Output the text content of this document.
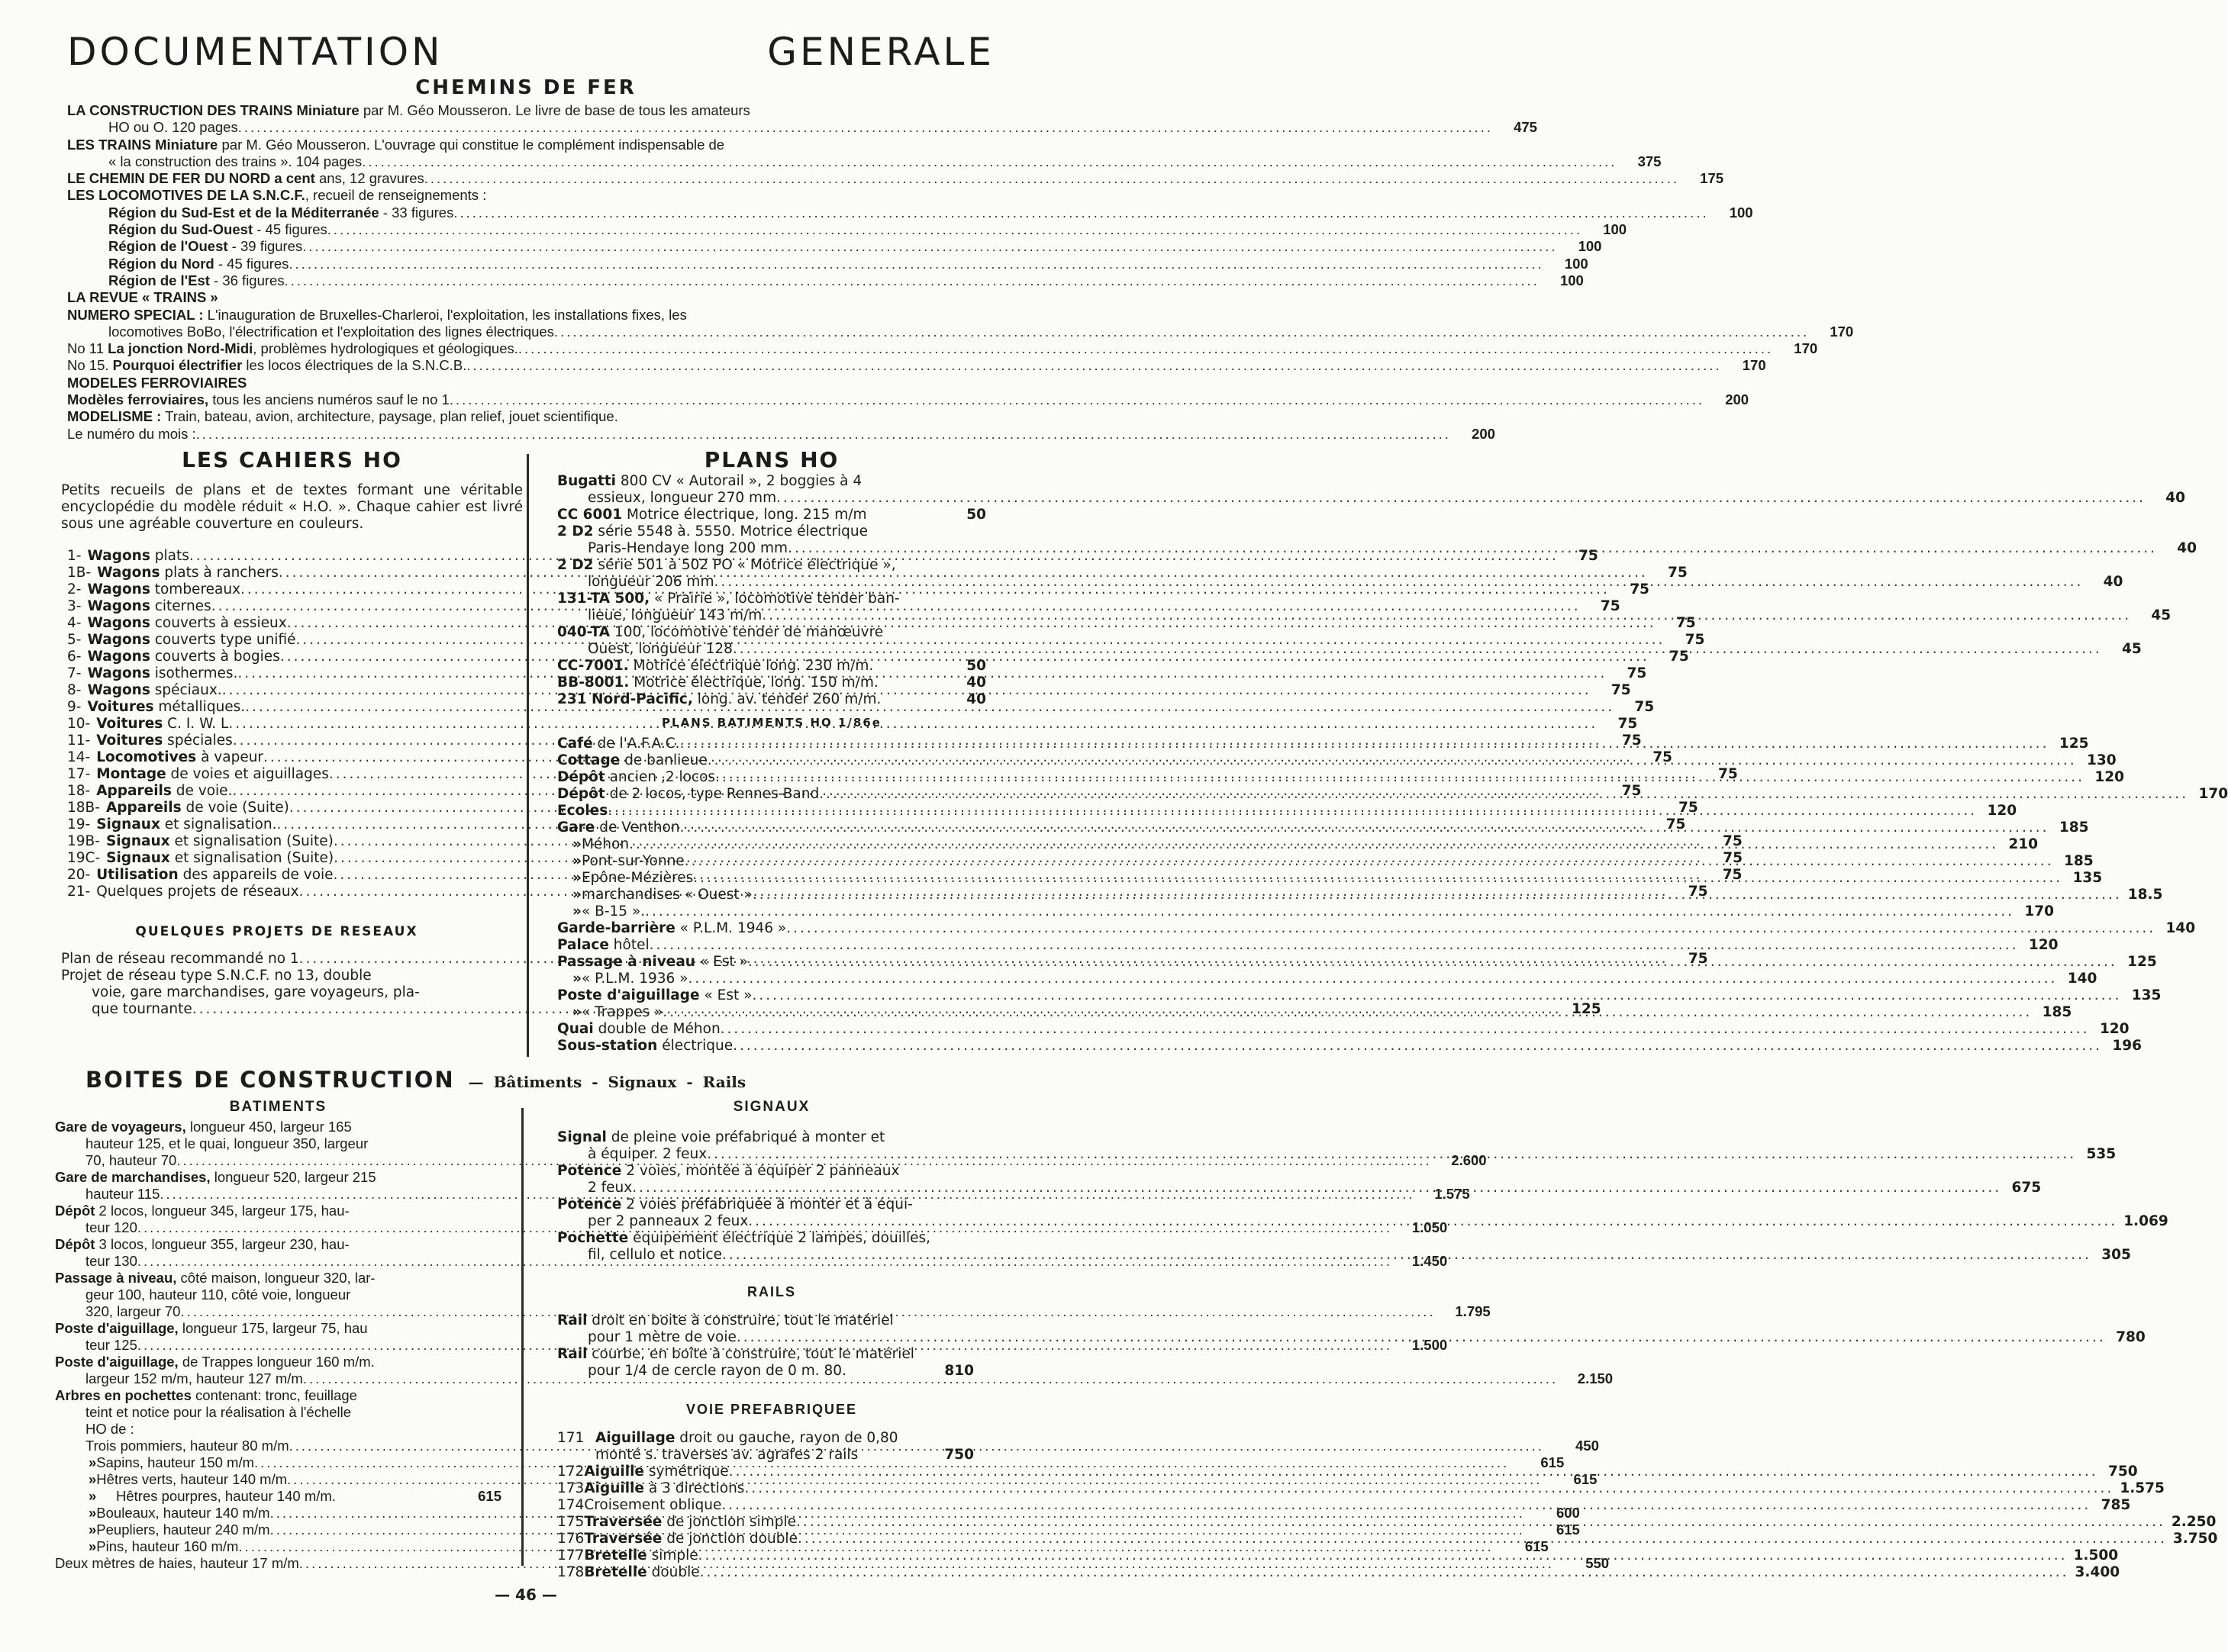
DOCUMENTATION	GENERALE
CHEMINS DE FER
LA CONSTRUCTION DES TRAINS Miniature par M. Géo Mousseron. Le livre de base de tous les amateurs
HO ou O. 120 pages
.....	475
LES TRAINS Miniature par M. Géo Mousseron. L'ouvrage qui constitue le complément indispensable de
« la construction des trains ». 104 pages
.....	375
LE CHEMIN DE FER DU NORD a cent ans, 12 gravures
.....	175
LES LOCOMOTIVES DE LA S.N.C.F., recueil de renseignements :
Région du Sud-Est et de la Méditerranée - 33 figures
.....	100
Région du Sud-Ouest - 45 figures
.....	100
Région de l'Ouest - 39 figures
.....	100
Région du Nord - 45 figures
.....	100
Région de l'Est - 36 figures
.....	100
LA REVUE « TRAINS »
NUMERO SPECIAL : L'inauguration de Bruxelles-Charleroi, l'exploitation, les installations fixes, les
locomotives BoBo, l'électrification et l'exploitation des lignes électriques
.....	170
No 11 La jonction Nord-Midi, problèmes hydrologiques et géologiques.
.....	170
No 15. Pourquoi électrifier les locos électriques de la S.N.C.B.
.....	170
MODELES FERROVIAIRES
Modèles ferroviaires, tous les anciens numéros sauf le no 1
.....	200
MODELISME : Train, bateau, avion, architecture, paysage, plan relief, jouet scientifique.
Le numéro du mois :
.....	200
LES CAHIERS HO
Petits recueils de plans et de textes formant une véritable encyclopédie du modèle réduit « H.O. ». Chaque cahier est livré sous une agréable couverture en couleurs.
1 - Wagons plats
.....	75
1 B - Wagons plats à ranchers
.....	75
2 - Wagons tombereaux
.....	75
3 - Wagons citernes
.....	75
4 - Wagons couverts à essieux
.....	75
5 - Wagons couverts type unifié
.....	75
6 - Wagons couverts à bogies
.....	75
7 - Wagons isothermes.
.....	75
8 - Wagons spéciaux.
.....	75
9 - Voitures métalliques.
.....	75
10 - Voitures C. I. W. L
.....	75
11 - Voitures spéciales
.....	75
14 - Locomotives à vapeur
.....	75
17 - Montage de voies et aiguillages
.....	75
18 - Appareils de voie.
.....	75
18 B - Appareils de voie (Suite)
.....	75
19 - Signaux et signalisation.
.....	75
19 B - Signaux et signalisation (Suite)
.....	75
19 C - Signaux et signalisation (Suite)
.....	75
20 - Utilisation des appareils de voie
.....	75
21 - Quelques projets de réseaux
.....	75
QUELQUES PROJETS DE RESEAUX
Plan de réseau recommandé no 1
.....	75
Projet de réseau type S.N.C.F. no 13, double
voie, gare marchandises, gare voyageurs, pla-
que tournante
.....	125
PLANS HO
Bugatti 800 CV « Autorail », 2 boggies à 4
essieux, longueur 270 mm
.....	40
CC 6001 Motrice électrique, long. 215 m/m	50
2 D2 série 5548 à. 5550. Motrice électrique
Paris-Hendaye long 200 mm
.....	40
2 D2 série 501 à 502 PO « Motrice électrique »,
longueur 206 mm
.....	40
131-TA 500, « Prairie », locomotive tender ban-
lieue, longueur 143 m/m
.....	45
040-TA 100, locomotive tender de manœuvre
Ouest, longueur 128
.....	45
CC-7001. Motrice électrique long. 230 m/m.	50
BB-8001. Motrice électrique, long. 150 m/m.	40
231 Nord-Pacific, long. av. tender 260 m/m.	40
PLANS BATIMENTS HO 1/86e
Café de l'A.F.A.C.
.....	125
Cottage de banlieue
.....	130
Dépôt ancien ,2 locos
.....	120
Dépôt de 2 locos, type Rennes-Band
.....	170
Ecoles
.....	120
Gare de Venthon
.....	185
» Méhon
.....	210
» Pont-sur-Yonne
.....	185
» Epône-Mézières
.....	135
» marchandises « Ouest »
.....	18.5
» « B-15 ».
.....	170
Garde-barrière « P.L.M. 1946 »
.....	140
Palace hôtel
.....	120
Passage à niveau « Est »
.....	125
» « P.L.M. 1936 »
.....	140
Poste d'aiguillage « Est »
.....	135
» « Trappes »
.....	185
Quai double de Méhon
.....	120
Sous-station électrique
.....	196
BOITES DE CONSTRUCTION — Bâtiments - Signaux - Rails
BATIMENTS
Gare de voyageurs, longueur 450, largeur 165
hauteur 125, et le quai, longueur 350, largeur
70, hauteur 70
.....	2.600
Gare de marchandises, longueur 520, largeur 215
hauteur 115
.....	1.575
Dépôt 2 locos, longueur 345, largeur 175, hau-
teur 120
.....	1.050
Dépôt 3 locos, longueur 355, largeur 230, hau-
teur 130
.....	1.450
Passage à niveau, côté maison, longueur 320, lar-
geur 100, hauteur 110, côté voie, longueur
320, largeur 70
.....	1.795
Poste d'aiguillage, longueur 175, largeur 75, hau
teur 125
.....	1.500
Poste d'aiguillage, de Trappes longueur 160 m/m.
largeur 152 m/m, hauteur 127 m/m
.....	2.150
Arbres en pochettes contenant: tronc, feuillage
teint et notice pour la réalisation à l'échelle
HO de :
Trois pommiers, hauteur 80 m/m
.....	450
» Sapins, hauteur 150 m/m
.....	615
» Hêtres verts, hauteur 140 m/m
.....	615
»	Hêtres pourpres, hauteur 140 m/m.	615
» Bouleaux, hauteur 140 m/m
.....	600
» Peupliers, hauteur 240 m/m
.....	615
» Pins, hauteur 160 m/m
.....	615
Deux mètres de haies, hauteur 17 m/m
.....	550
SIGNAUX
Signal de pleine voie préfabriqué à monter et
à équiper. 2 feux
.....	535
Potence 2 voies, montée à équiper 2 panneaux
2 feux
.....	675
Potence 2 voies préfabriquée à monter et à équi-
per 2 panneaux 2 feux
.....	1.069
Pochette équipement électrique 2 lampes, douilles,
fil, cellulo et notice
.....	305
RAILS
Rail droit en boite à construire, tout le matériel
pour 1 mètre de voie
.....	780
Rail courbe, en boîte à construire, tout le matériel
pour 1/4 de cercle rayon de 0 m. 80.	810
VOIE PREFABRIQUEE
171 Aiguillage droit ou gauche, rayon de 0,80
monté s. traverses av. agrafes 2 rails	750
172 Aiguille symétrique
.....	750
173 Aiguille à 3 directions
.....	1.575
174 Croisement oblique
.....	785
175 Traversée de jonction simple
.....	2.250
176 Traversée de jonction double
.....	3.750
177 Bretelle simple
.....	1.500
178 Bretelle double
.....	3.400
— 46 —
